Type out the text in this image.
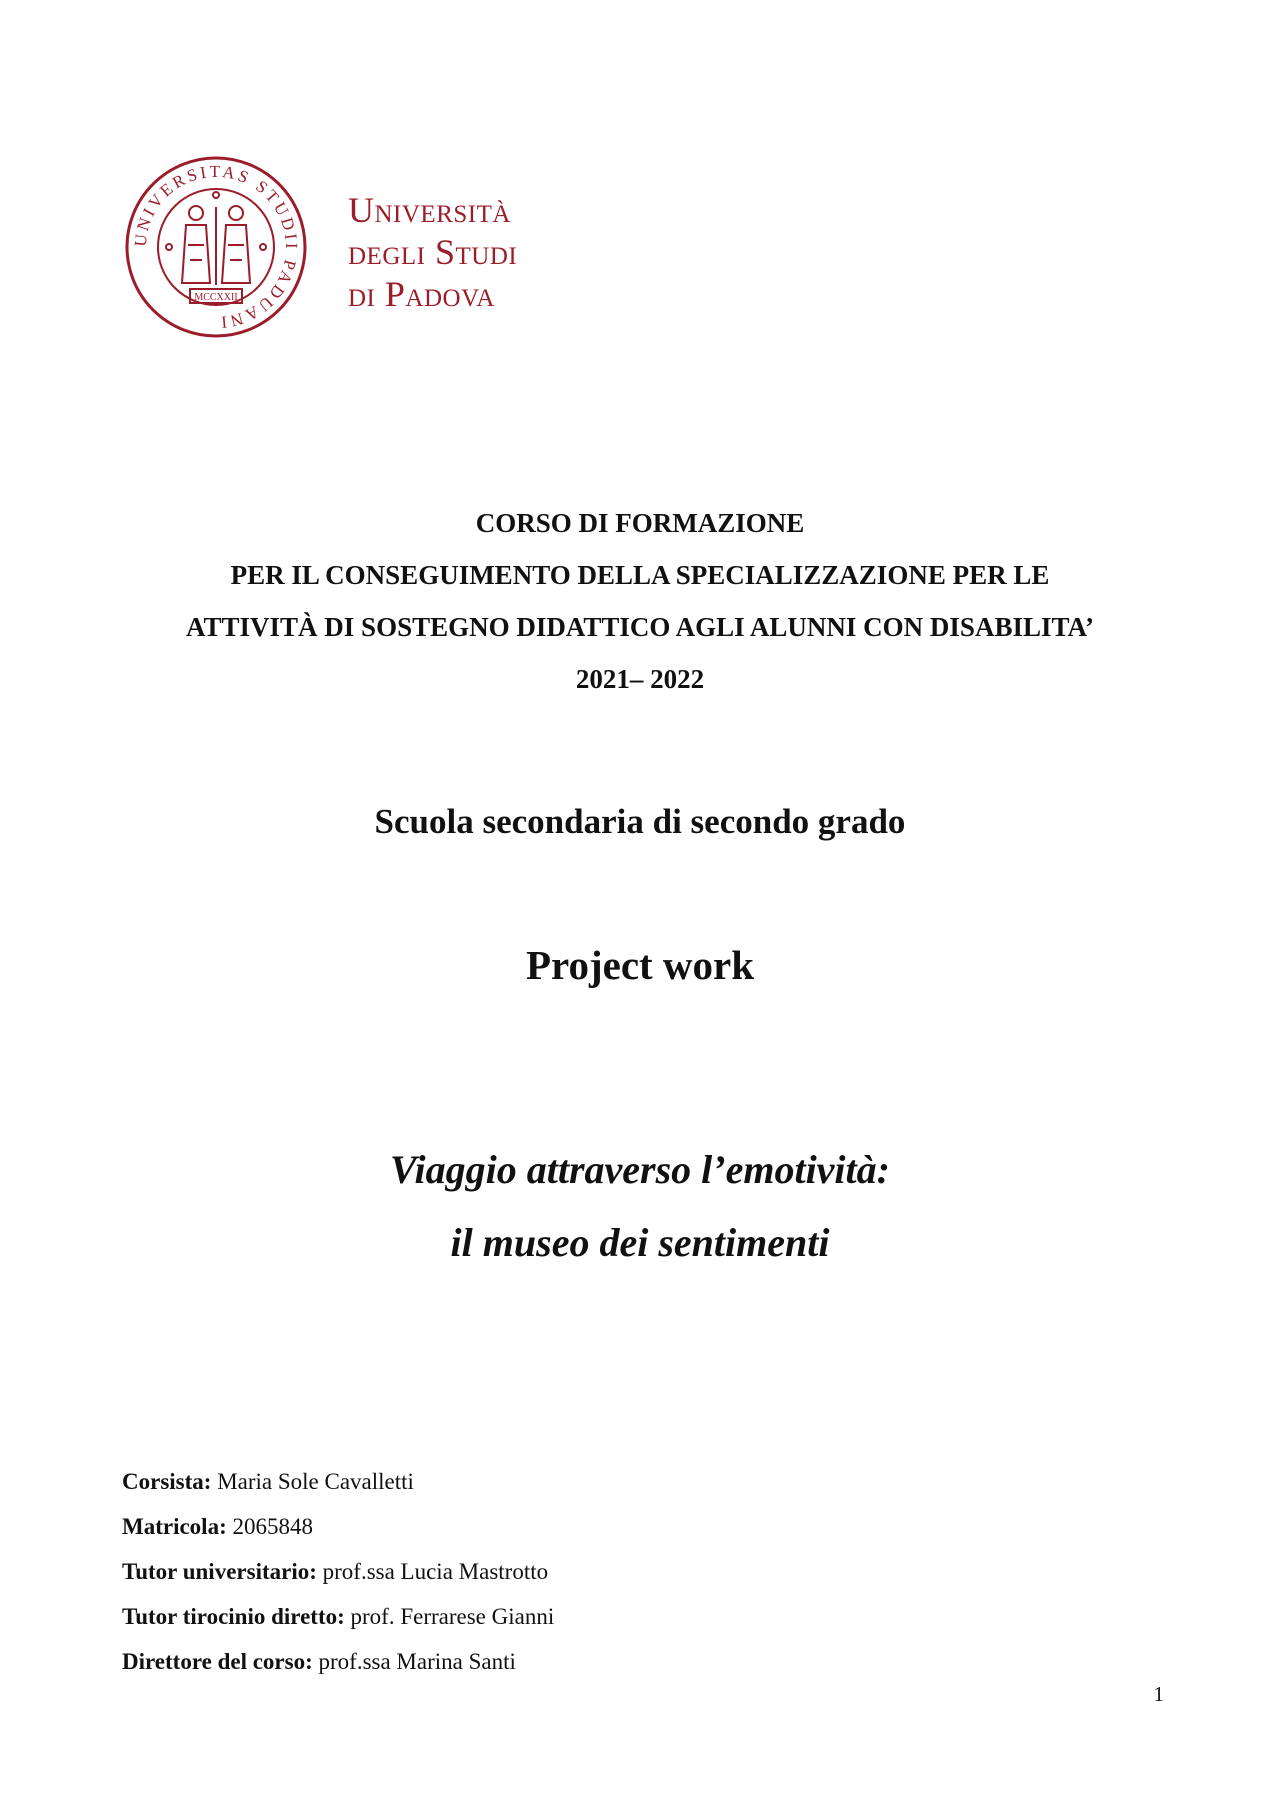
UNIVERSITAS STUDII PADUANI
MCCXXII
Università
degli Studi
di Padova
CORSO DI FORMAZIONE
PER IL CONSEGUIMENTO DELLA SPECIALIZZAZIONE PER LE
ATTIVITÀ DI SOSTEGNO DIDATTICO AGLI ALUNNI CON DISABILITA’
2021– 2022
Scuola secondaria di secondo grado
Project work
Viaggio attraverso l’emotività:
il museo dei sentimenti
Corsista: Maria Sole Cavalletti
Matricola: 2065848
Tutor universitario: prof.ssa Lucia Mastrotto
Tutor tirocinio diretto: prof. Ferrarese Gianni
Direttore del corso: prof.ssa Marina Santi
1
